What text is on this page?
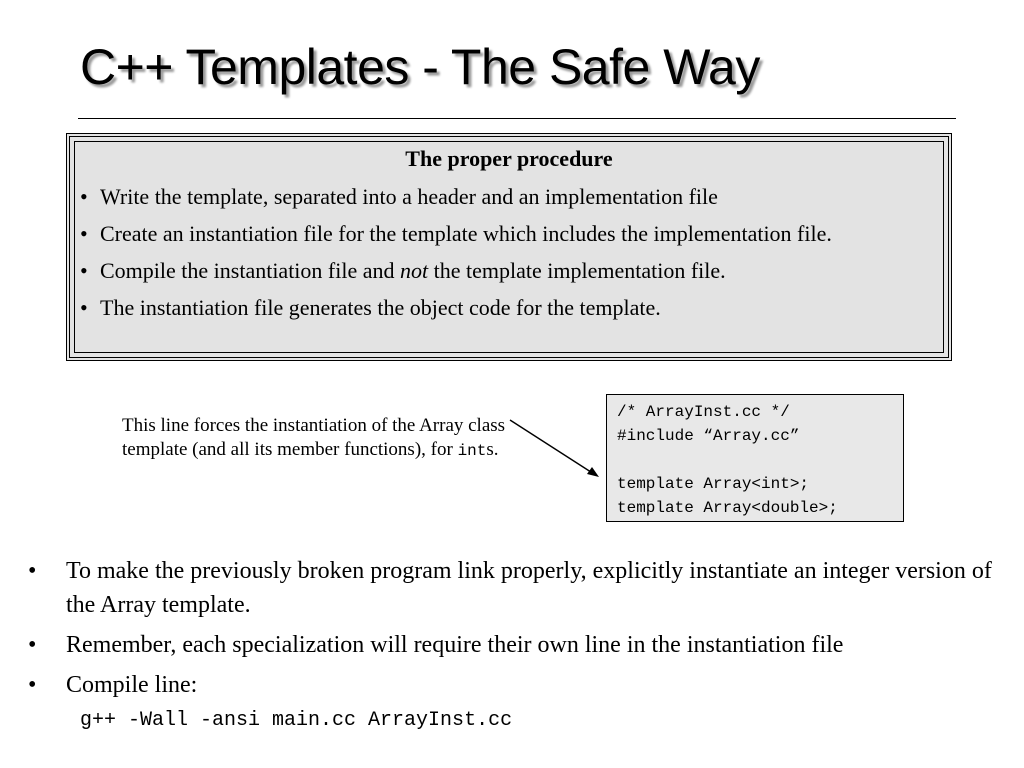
C++ Templates - The Safe Way
The proper procedure
• Write the template, separated into a header and an implementation file
• Create an instantiation file for the template which includes the implementation file.
• Compile the instantiation file and not the template implementation file.
• The instantiation file generates the object code for the template.
This line forces the instantiation of the Array class template (and all its member functions), for ints.
/* ArrayInst.cc */
#include “Array.cc”
template Array<int>;
template Array<double>;
• To make the previously broken program link properly, explicitly instantiate an integer version of the Array template.
• Remember, each specialization will require their own line in the instantiation file
• Compile line:
g++ -Wall -ansi main.cc ArrayInst.cc
